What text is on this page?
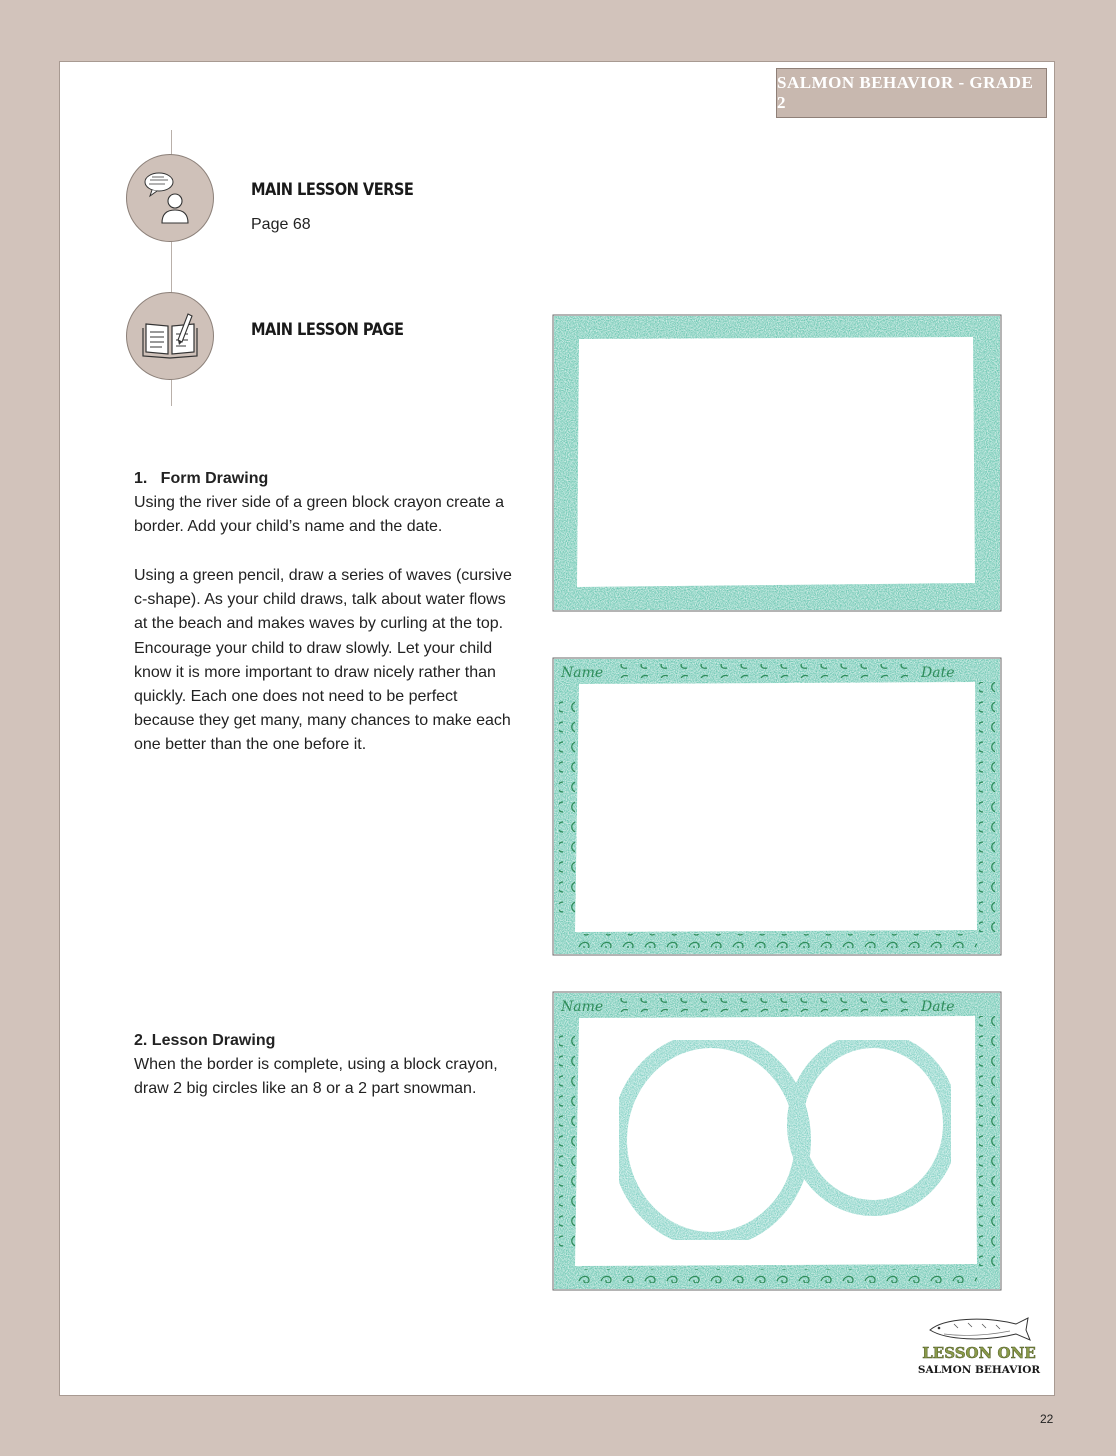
SALMON BEHAVIOR - GRADE 2
MAIN LESSON VERSE
Page 68
MAIN LESSON PAGE
1.   Form Drawing
Using the river side of a green block crayon create a border. Add your child’s name and the date.
Using a green pencil, draw a series of waves (cursive c-shape). As your child draws, talk about water flows at the beach and makes waves by curling at the top. Encourage your child to draw slowly. Let your child know it is more important to draw nicely rather than quickly. Each one does not need to be perfect because they get many, many chances to make each one better than the one before it.
2. Lesson Drawing
When the border is complete, using a block crayon, draw 2 big circles like an 8 or a 2 part snowman.
Name	Date
Name	Date
LESSON ONE
SALMON BEHAVIOR
22
